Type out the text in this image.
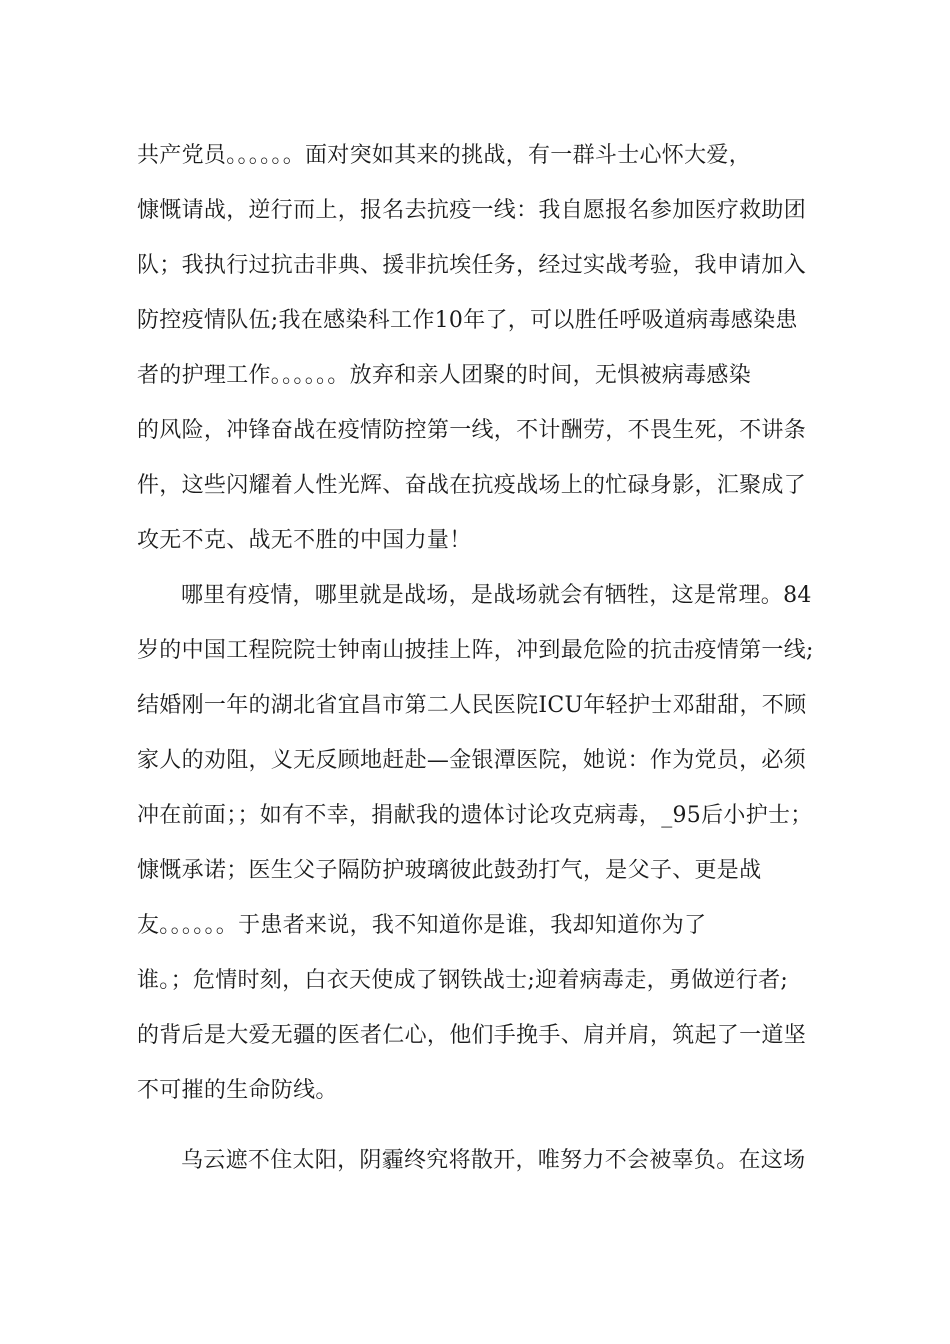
共产党员。。。。。。面对突如其来的挑战，有一群斗士心怀大爱，
慷慨请战，逆行而上，报名去抗疫一线：我自愿报名参加医疗救助团
队；我执行过抗击非典、援非抗埃任务，经过实战考验，我申请加入
防控疫情队伍;我在感染科工作10年了，可以胜任呼吸道病毒感染患
者的护理工作。。。。。。放弃和亲人团聚的时间，无惧被病毒感染
的风险，冲锋奋战在疫情防控第一线，不计酬劳，不畏生死，不讲条
件，这些闪耀着人性光辉、奋战在抗疫战场上的忙碌身影，汇聚成了
攻无不克、战无不胜的中国力量！
哪里有疫情，哪里就是战场，是战场就会有牺牲，这是常理。84
岁的中国工程院院士钟南山披挂上阵，冲到最危险的抗击疫情第一线;
结婚刚一年的湖北省宜昌市第二人民医院ICU年轻护士邓甜甜，不顾
家人的劝阻，义无反顾地赶赴—金银潭医院，她说：作为党员，必须
冲在前面；；如有不幸，捐献我的遗体讨论攻克病毒，_95后小护士；
慷慨承诺；医生父子隔防护玻璃彼此鼓劲打气，是父子、更是战
友。。。。。。于患者来说，我不知道你是谁，我却知道你为了
谁。；危情时刻，白衣天使成了钢铁战士;迎着病毒走，勇做逆行者;
的背后是大爱无疆的医者仁心，他们手挽手、肩并肩，筑起了一道坚
不可摧的生命防线。
乌云遮不住太阳，阴霾终究将散开，唯努力不会被辜负。在这场
